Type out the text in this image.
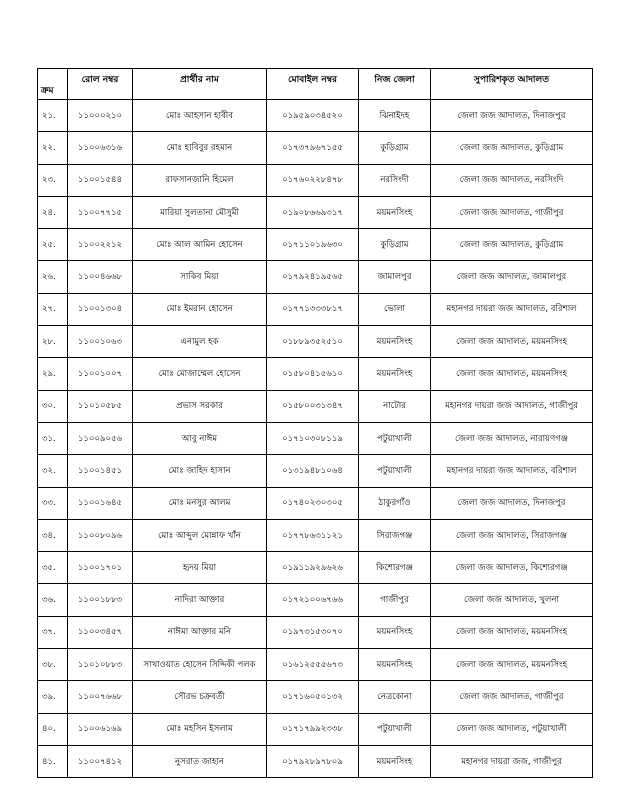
ক্রম	রোল নম্বর	প্রার্থীর নাম	মোবাইল নম্বর	নিজ জেলা	সুপারিশকৃত আদালত
২১.	১১০০০২১০	মোঃ আহসান হাবীব	০১৯৫৯০৩৪৫২০	ঝিনাইদহ	জেলা জজ আদালত, দিনাজপুর
২২.	১১০০৬৩১৬	মোঃ হাবিবুর রহমান	০১৭৩৭৯৬৭১৫৫	কুড়িগ্রাম	জেলা জজ আদালত, কুড়িগ্রাম
২৩.	১১০০১৫৪৪	রাফসানজানি হিমেল	০১৭৬০২২৮৪৭৮	নরসিংদী	জেলা জজ আদালত, নরসিংদি
২৪.	১১০০৭৭১৫	মারিয়া সুলতানা মৌসুমী	০১৯০৮৬৬৯৩১৭	ময়মনসিংহ	জেলা জজ আদালত, গাজীপুর
২৫.	১১০০২২১২	মোঃ আল আমিন হোসেন	০১৭১১০১৯৬৩০	কুড়িগ্রাম	জেলা জজ আদালত, কুড়িগ্রাম
২৬.	১১০০৪৬৬৮	সাকিব মিয়া	০১৭৯২৪১৯৫৬৫	জামালপুর	জেলা জজ আদালত, জামালপুর
২৭.	১১০০১৩০৪	মোঃ ইমরান হোসেন	০১৭৭১৩৩৩৮১৭	ভোলা	মহানগর দায়রা জজ আদালত, বরিশাল
২৮.	১১০০১০৬৩	এনামুল হক	০১৮৮৯৩৫২৫১০	ময়মনসিংহ	জেলা জজ আদালত, ময়মনসিংহ
২৯.	১১০০১০০৭	মোঃ মোজাম্মেল হোসেন	০১৫৮০৪১৫৬১০	ময়মনসিংহ	জেলা জজ আদালত, ময়মনসিংহ
৩০.	১১০১০৫৮৫	প্রভাস সরকার	০১৫৮০০৩১৩৪৭	নাটোর	মহানগর দায়রা জজ আদালত, গাজীপুর
৩১.	১১০০৯০৫৬	আবু নাঈম	০১৭১০৩০৮১১৯	পটুয়াখালী	জেলা জজ আদালত, নারায়ণগঞ্জ
৩২.	১১০০১৪৫১	মোঃ জাহিদ হাসান	০১৩১৯৪৮১০৬৪	পটুয়াখালী	মহানগর দায়রা জজ আদালত, বরিশাল
৩৩.	১১০০১৬৪৫	মোঃ মনসুর আলম	০১৭৪০২৩০৩০৫	ঠাকুরগাঁও	জেলা জজ আদালত, দিনাজপুর
৩৪.	১১০০৮০৯৬	মোঃ আব্দুল মোন্নাফ খাঁন	০১৭৭৮৬৩১১২১	সিরাজগঞ্জ	জেলা জজ আদালত, সিরাজগঞ্জ
৩৫.	১১০০১৭০১	হৃদয় মিয়া	০১৯১১৯২৯৬২৬	কিশোরগঞ্জ	জেলা জজ আদালত, কিশোরগঞ্জ
৩৬.	১১০০১৮৮৩	নাদিরা আক্তার	০১৭২১০০৬৭৬৬	গাজীপুর	জেলা জজ আদালত, খুলনা
৩৭.	১১০০৩৪৫৭	নাঈমা আক্তার মনি	০১৯৭৩১৫৩০৭০	ময়মনসিংহ	জেলা জজ আদালত, ময়মনসিংহ
৩৮.	১১০১০৮৮৩	সাখাওয়াত হোসেন সিদ্দিকী পলক	০১৬১২৫৫৫৬৭৩	ময়মনসিংহ	জেলা জজ আদালত, ময়মনসিংহ
৩৯.	১১০০৭৬৬৮	সৌরভ চক্রবর্তী	০১৭১৬০৫০১৩২	নেত্রকোনা	জেলা জজ আদালত, গাজীপুর
৪০.	১১০০৬১৬৯	মোঃ মহসিন ইসলাম	০১৭১৭৯৯২৩৩৮	পটুয়াখালী	জেলা জজ আদালত, পটুয়াখালী
৪১.	১১০০৭৪১২	নুসরাত জাহান	০১৭৯২৮৯৭৮০৯	ময়মনসিংহ	মহানগর দায়রা জজ, গাজীপুর
